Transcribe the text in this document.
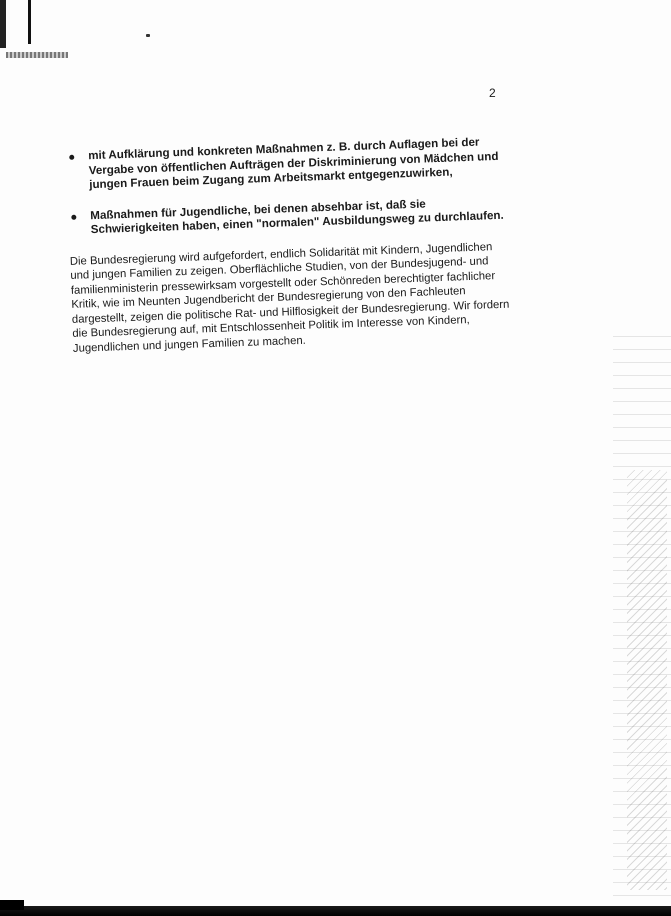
2
mit Aufklärung und konkreten Maßnahmen z. B. durch Auflagen bei der Vergabe von öffentlichen Aufträgen der Diskriminierung von Mädchen und jungen Frauen beim Zugang zum Arbeitsmarkt entgegenzuwirken,
Maßnahmen für Jugendliche, bei denen absehbar ist, daß sie Schwierigkeiten haben, einen "normalen" Ausbildungsweg zu durchlaufen.

Die Bundesregierung wird aufgefordert, endlich Solidarität mit Kindern, Jugendlichen und jungen Familien zu zeigen. Oberflächliche Studien, von der Bundesjugend- und familienministerin pressewirksam vorgestellt oder Schönreden berechtigter fachlicher Kritik, wie im Neunten Jugendbericht der Bundesregierung von den Fachleuten dargestellt, zeigen die politische Rat- und Hilflosigkeit der Bundesregierung. Wir fordern die Bundesregierung auf, mit Entschlossenheit Politik im Interesse von Kindern, Jugendlichen und jungen Familien zu machen.
